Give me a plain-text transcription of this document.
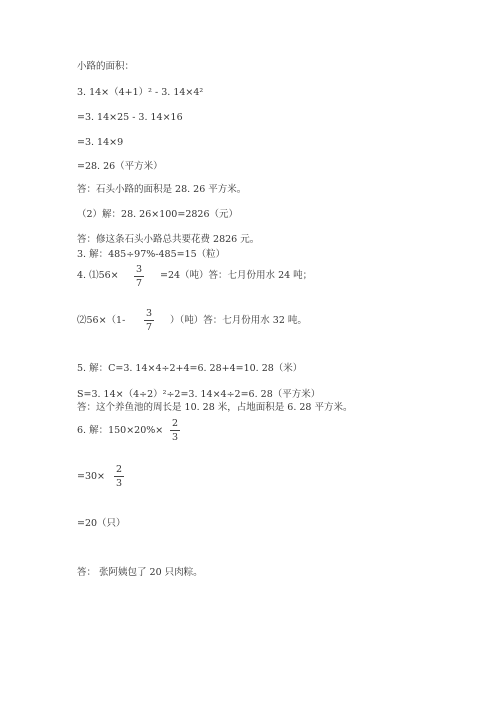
小路的面积：
3. 14×（4+1）² - 3. 14×4²
=3. 14×25 - 3. 14×16
=3. 14×9
=28. 26（平方米）
答：石头小路的面积是 28. 26 平方米。
（2）解：28. 26×100=2826（元）
答：修这条石头小路总共要花费 2826 元。
3. 解：485÷97%-485=15（粒）
4. ⑴56×
3
7
=24（吨）答：七月份用水 24 吨；
⑵56×（1-
3
7
）（吨）答：七月份用水 32 吨。
5. 解：C=3. 14×4÷2+4=6. 28+4=10. 28（米）
S=3. 14×（4÷2）²÷2=3. 14×4÷2=6. 28（平方米）
答：这个养鱼池的周长是 10. 28 米，占地面积是 6. 28 平方米。
6. 解：150×20%×
2
3
=30×
2
3
=20（只）
答： 张阿姨包了 20 只肉粽。
